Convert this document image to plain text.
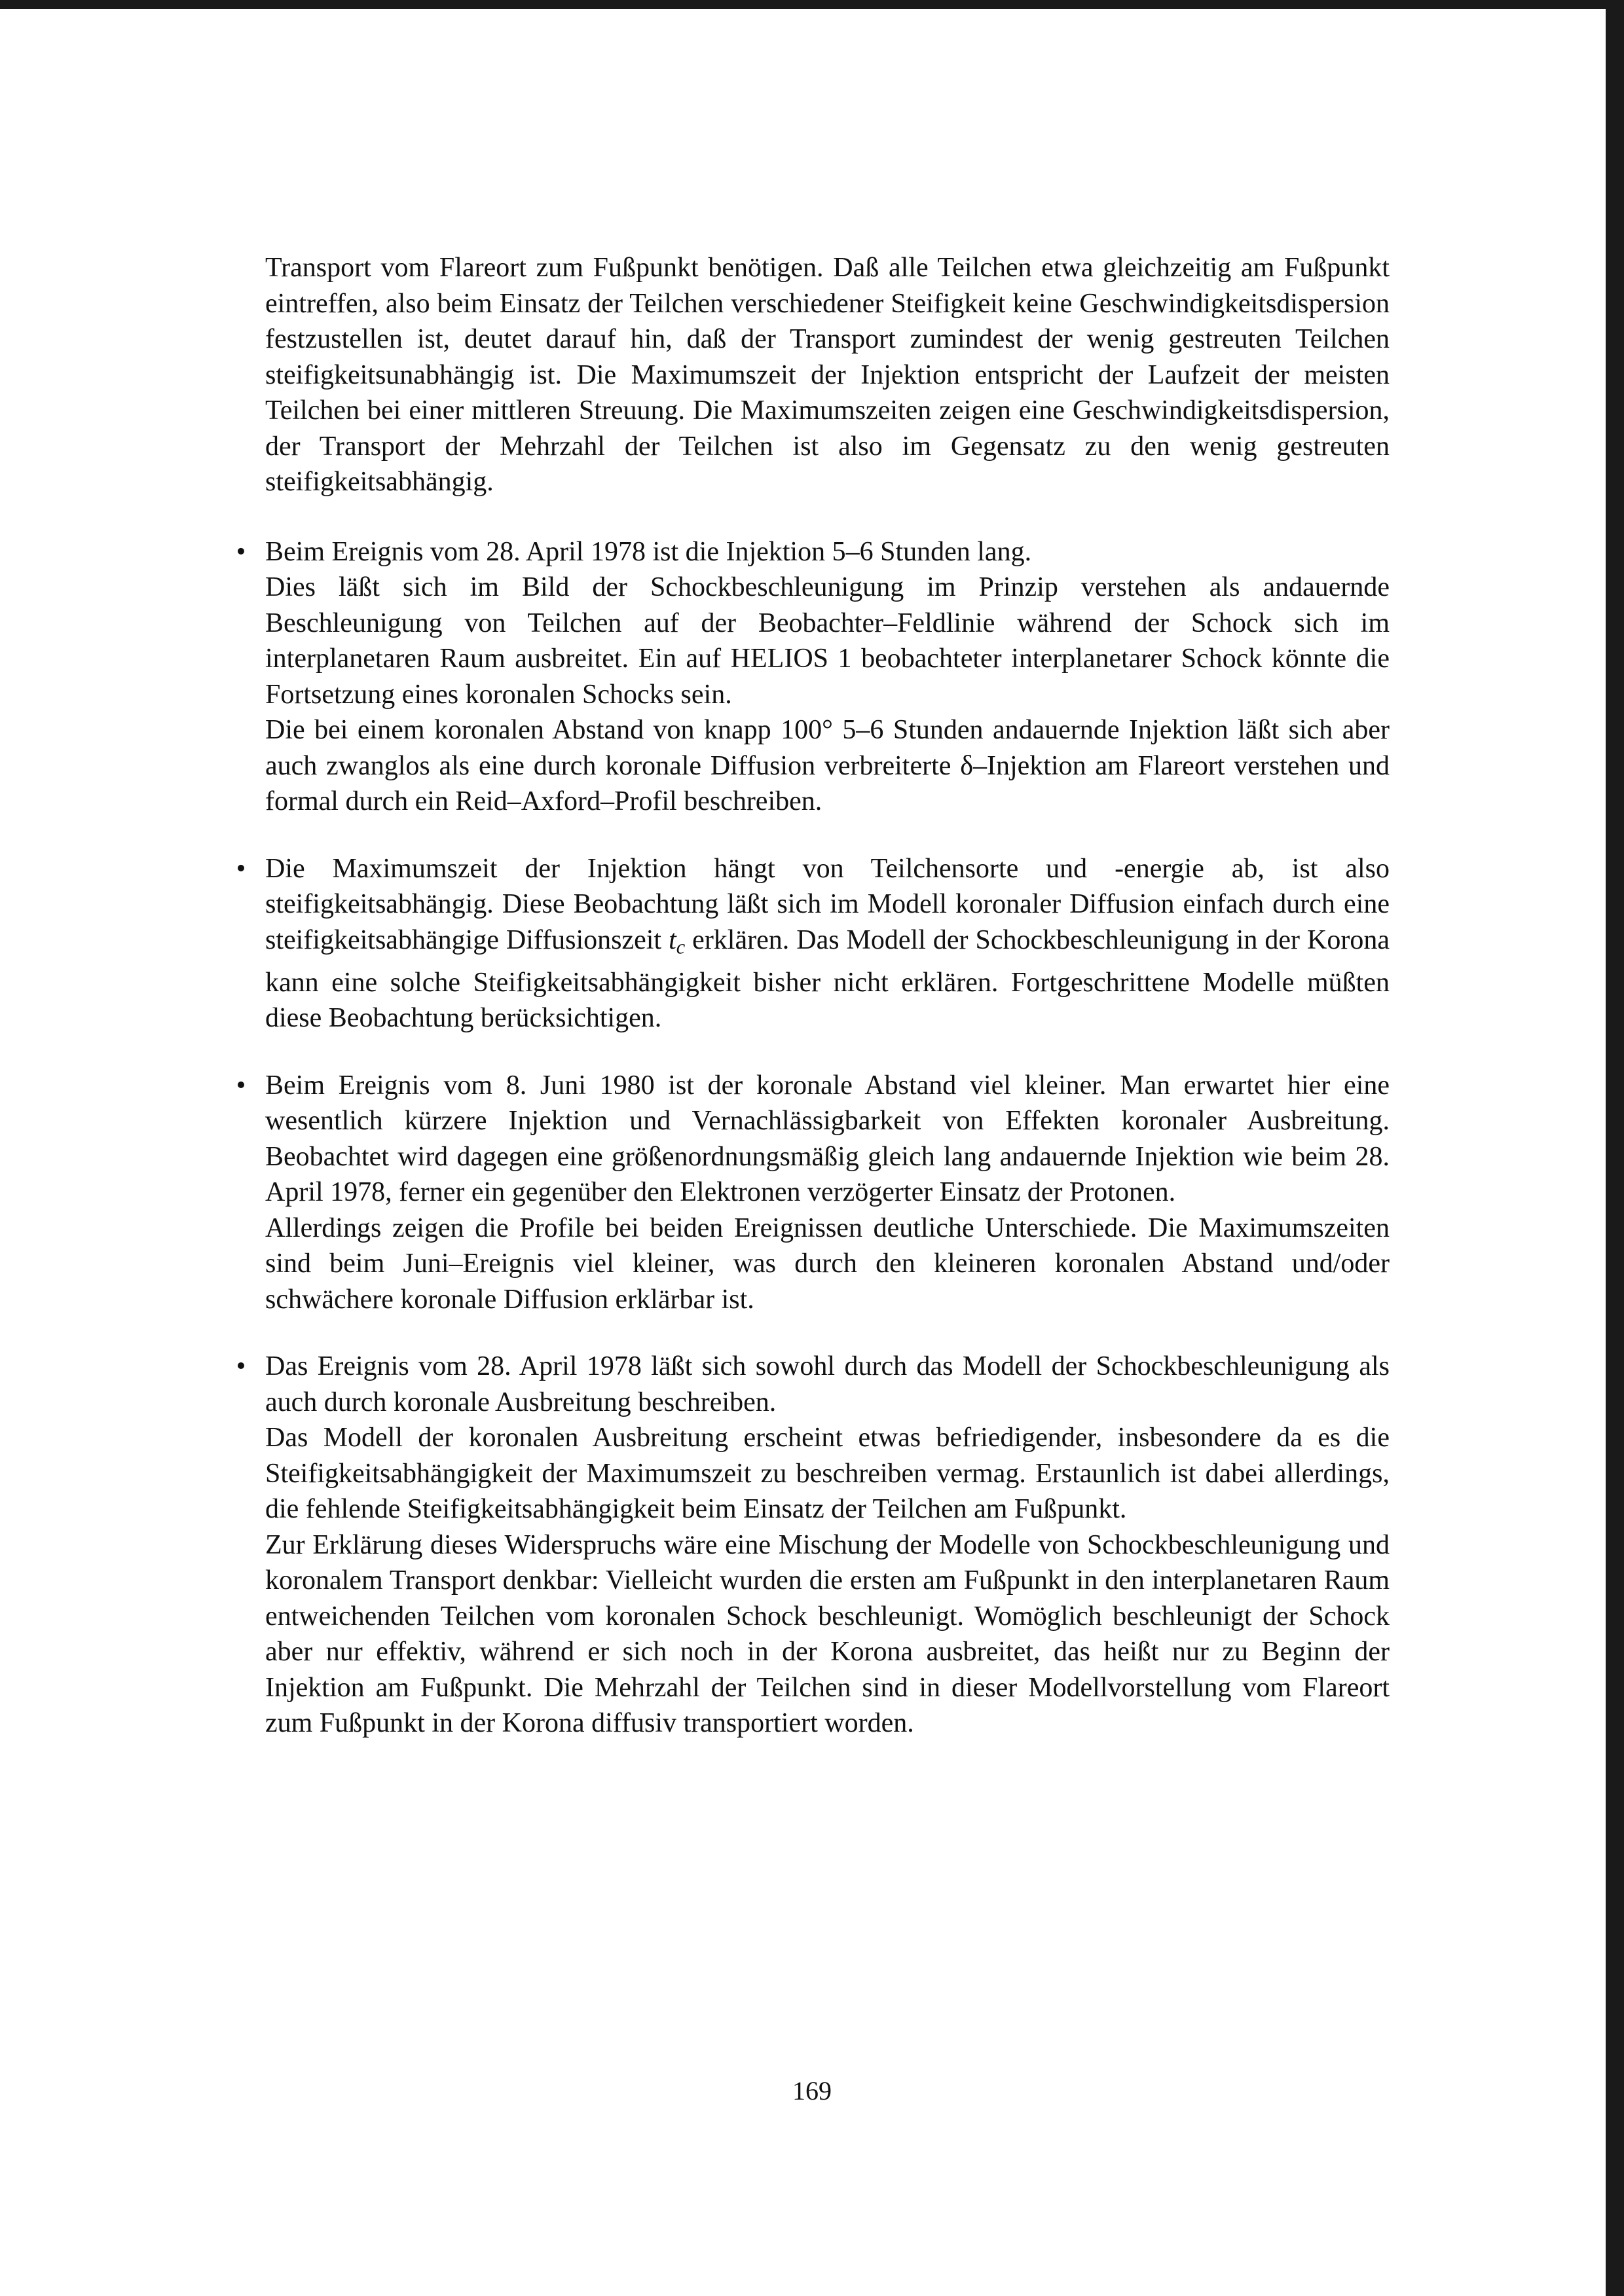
Transport vom Flareort zum Fußpunkt benötigen. Daß alle Teilchen etwa gleichzeitig am Fußpunkt eintreffen, also beim Einsatz der Teilchen verschiedener Steifigkeit keine Geschwindigkeitsdispersion festzustellen ist, deutet darauf hin, daß der Transport zumindest der wenig gestreuten Teilchen steifigkeitsunabhängig ist. Die Maximumszeit der Injektion entspricht der Laufzeit der meisten Teilchen bei einer mittleren Streuung. Die Maximumszeiten zeigen eine Geschwindigkeitsdispersion, der Transport der Mehrzahl der Teilchen ist also im Gegensatz zu den wenig gestreuten steifigkeitsabhängig.

• Beim Ereignis vom 28. April 1978 ist die Injektion 5–6 Stunden lang.

Dies läßt sich im Bild der Schockbeschleunigung im Prinzip verstehen als andauernde Beschleunigung von Teilchen auf der Beobachter–Feldlinie während der Schock sich im interplanetaren Raum ausbreitet. Ein auf HELIOS 1 beobachteter interplanetarer Schock könnte die Fortsetzung eines koronalen Schocks sein.

Die bei einem koronalen Abstand von knapp 100° 5–6 Stunden andauernde Injektion läßt sich aber auch zwanglos als eine durch koronale Diffusion verbreiterte δ–Injektion am Flareort verstehen und formal durch ein Reid–Axford–Profil beschreiben.

• Die Maximumszeit der Injektion hängt von Teilchensorte und -energie ab, ist also steifigkeitsabhängig. Diese Beobachtung läßt sich im Modell koronaler Diffusion einfach durch eine steifigkeitsabhängige Diffusionszeit $t_c$ erklären. Das Modell der Schockbeschleunigung in der Korona kann eine solche Steifigkeitsabhängigkeit bisher nicht erklären. Fortgeschrittene Modelle müßten diese Beobachtung berücksichtigen.

• Beim Ereignis vom 8. Juni 1980 ist der koronale Abstand viel kleiner. Man erwartet hier eine wesentlich kürzere Injektion und Vernachlässigbarkeit von Effekten koronaler Ausbreitung. Beobachtet wird dagegen eine größenordnungsmäßig gleich lang andauernde Injektion wie beim 28. April 1978, ferner ein gegenüber den Elektronen verzögerter Einsatz der Protonen.

Allerdings zeigen die Profile bei beiden Ereignissen deutliche Unterschiede. Die Maximumszeiten sind beim Juni–Ereignis viel kleiner, was durch den kleineren koronalen Abstand und/oder schwächere koronale Diffusion erklärbar ist.

• Das Ereignis vom 28. April 1978 läßt sich sowohl durch das Modell der Schockbeschleunigung als auch durch koronale Ausbreitung beschreiben.

Das Modell der koronalen Ausbreitung erscheint etwas befriedigender, insbesondere da es die Steifigkeitsabhängigkeit der Maximumszeit zu beschreiben vermag. Erstaunlich ist dabei allerdings, die fehlende Steifigkeitsabhängigkeit beim Einsatz der Teilchen am Fußpunkt.

Zur Erklärung dieses Widerspruchs wäre eine Mischung der Modelle von Schockbeschleunigung und koronalem Transport denkbar: Vielleicht wurden die ersten am Fußpunkt in den interplanetaren Raum entweichenden Teilchen vom koronalen Schock beschleunigt. Womöglich beschleunigt der Schock aber nur effektiv, während er sich noch in der Korona ausbreitet, das heißt nur zu Beginn der Injektion am Fußpunkt. Die Mehrzahl der Teilchen sind in dieser Modellvorstellung vom Flareort zum Fußpunkt in der Korona diffusiv transportiert worden.

169
